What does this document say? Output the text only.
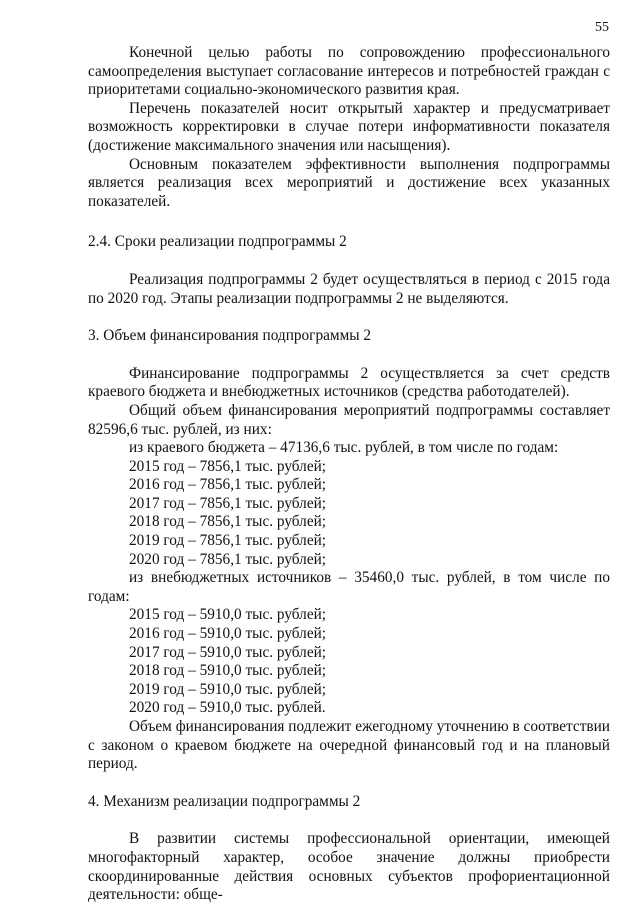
55

Конечной целью работы по сопровождению профессионального самоопределения выступает согласование интересов и потребностей граждан с приоритетами социально-экономического развития края.

Перечень показателей носит открытый характер и предусматривает возможность корректировки в случае потери информативности показателя (достижение максимального значения или насыщения).

Основным показателем эффективности выполнения подпрограммы является реализация всех мероприятий и достижение всех указанных показателей.

2.4. Сроки реализации подпрограммы 2

Реализация подпрограммы 2 будет осуществляться в период с 2015 года по 2020 год. Этапы реализации подпрограммы 2 не выделяются.

3. Объем финансирования подпрограммы 2

Финансирование подпрограммы 2 осуществляется за счет средств краевого бюджета и внебюджетных источников (средства работодателей).

Общий объем финансирования мероприятий подпрограммы составляет 82596,6 тыс. рублей, из них:

из краевого бюджета – 47136,6 тыс. рублей, в том числе по годам:

2015 год – 7856,1 тыс. рублей;

2016 год – 7856,1 тыс. рублей;

2017 год – 7856,1 тыс. рублей;

2018 год – 7856,1 тыс. рублей;

2019 год – 7856,1 тыс. рублей;

2020 год – 7856,1 тыс. рублей;

из внебюджетных источников – 35460,0 тыс. рублей, в том числе по годам:

2015 год – 5910,0 тыс. рублей;

2016 год – 5910,0 тыс. рублей;

2017 год – 5910,0 тыс. рублей;

2018 год – 5910,0 тыс. рублей;

2019 год – 5910,0 тыс. рублей;

2020 год – 5910,0 тыс. рублей.

Объем финансирования подлежит ежегодному уточнению в соответствии с законом о краевом бюджете на очередной финансовый год и на плановый период.

4. Механизм реализации подпрограммы 2

В развитии системы профессиональной ориентации, имеющей многофакторный характер, особое значение должны приобрести скоординированные действия основных субъектов профориентационной деятельности: обще-
